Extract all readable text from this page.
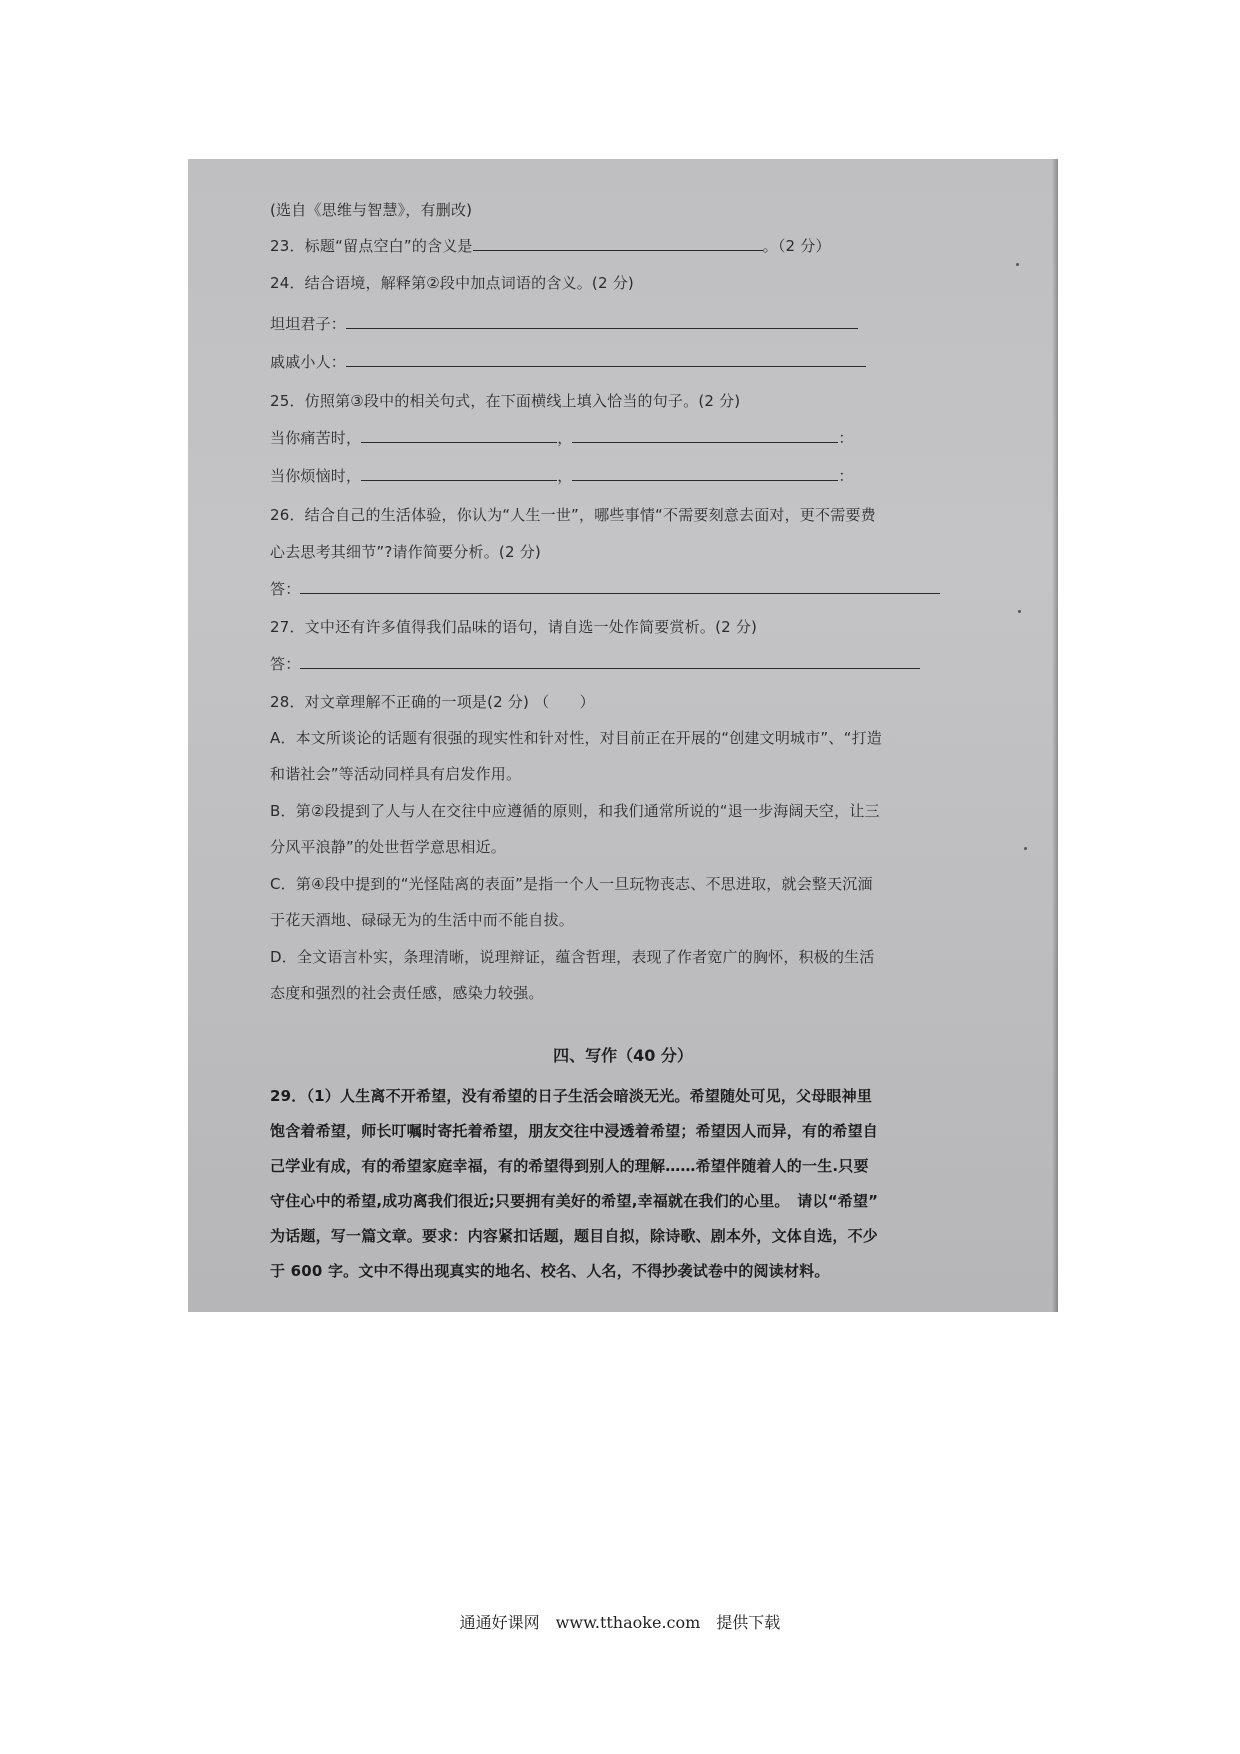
(选自《思维与智慧》，有删改)
23．标题“留点空白”的含义是	。（2 分）
24．结合语境，解释第②段中加点词语的含义。(2 分)
坦坦君子：
戚戚小人：
25．仿照第③段中的相关句式，在下面横线上填入恰当的句子。(2 分)
当你痛苦时，	，	：
当你烦恼时，	，	：
26．结合自己的生活体验，你认为“人生一世”，哪些事情“不需要刻意去面对，更不需要费
心去思考其细节”?请作简要分析。(2 分)
答：
27．文中还有许多值得我们品味的语句，请自选一处作简要赏析。(2 分)
答：
28．对文章理解不正确的一项是(2 分) （　　）
A．本文所谈论的话题有很强的现实性和针对性，对目前正在开展的“创建文明城市”、“打造
和谐社会”等活动同样具有启发作用。
B．第②段提到了人与人在交往中应遵循的原则，和我们通常所说的“退一步海阔天空，让三
分风平浪静”的处世哲学意思相近。
C．第④段中提到的“光怪陆离的表面”是指一个人一旦玩物丧志、不思进取，就会整天沉湎
于花天酒地、碌碌无为的生活中而不能自拔。
D．全文语言朴实，条理清晰，说理辩证，蕴含哲理，表现了作者宽广的胸怀，积极的生活
态度和强烈的社会责任感，感染力较强。
四、写作（40 分）
29．（1）人生离不开希望，没有希望的日子生活会暗淡无光。希望随处可见，父母眼神里
饱含着希望，师长叮嘱时寄托着希望，朋友交往中浸透着希望；希望因人而异，有的希望自
己学业有成，有的希望家庭幸福，有的希望得到别人的理解……希望伴随着人的一生.只要
守住心中的希望,成功离我们很近;只要拥有美好的希望,幸福就在我们的心里。　请以“希望”
为话题，写一篇文章。要求：内容紧扣话题，题目自拟，除诗歌、剧本外，文体自选，不少
于 600 字。文中不得出现真实的地名、校名、人名，不得抄袭试卷中的阅读材料。
通通好课网　www.tthaoke.com　提供下载
